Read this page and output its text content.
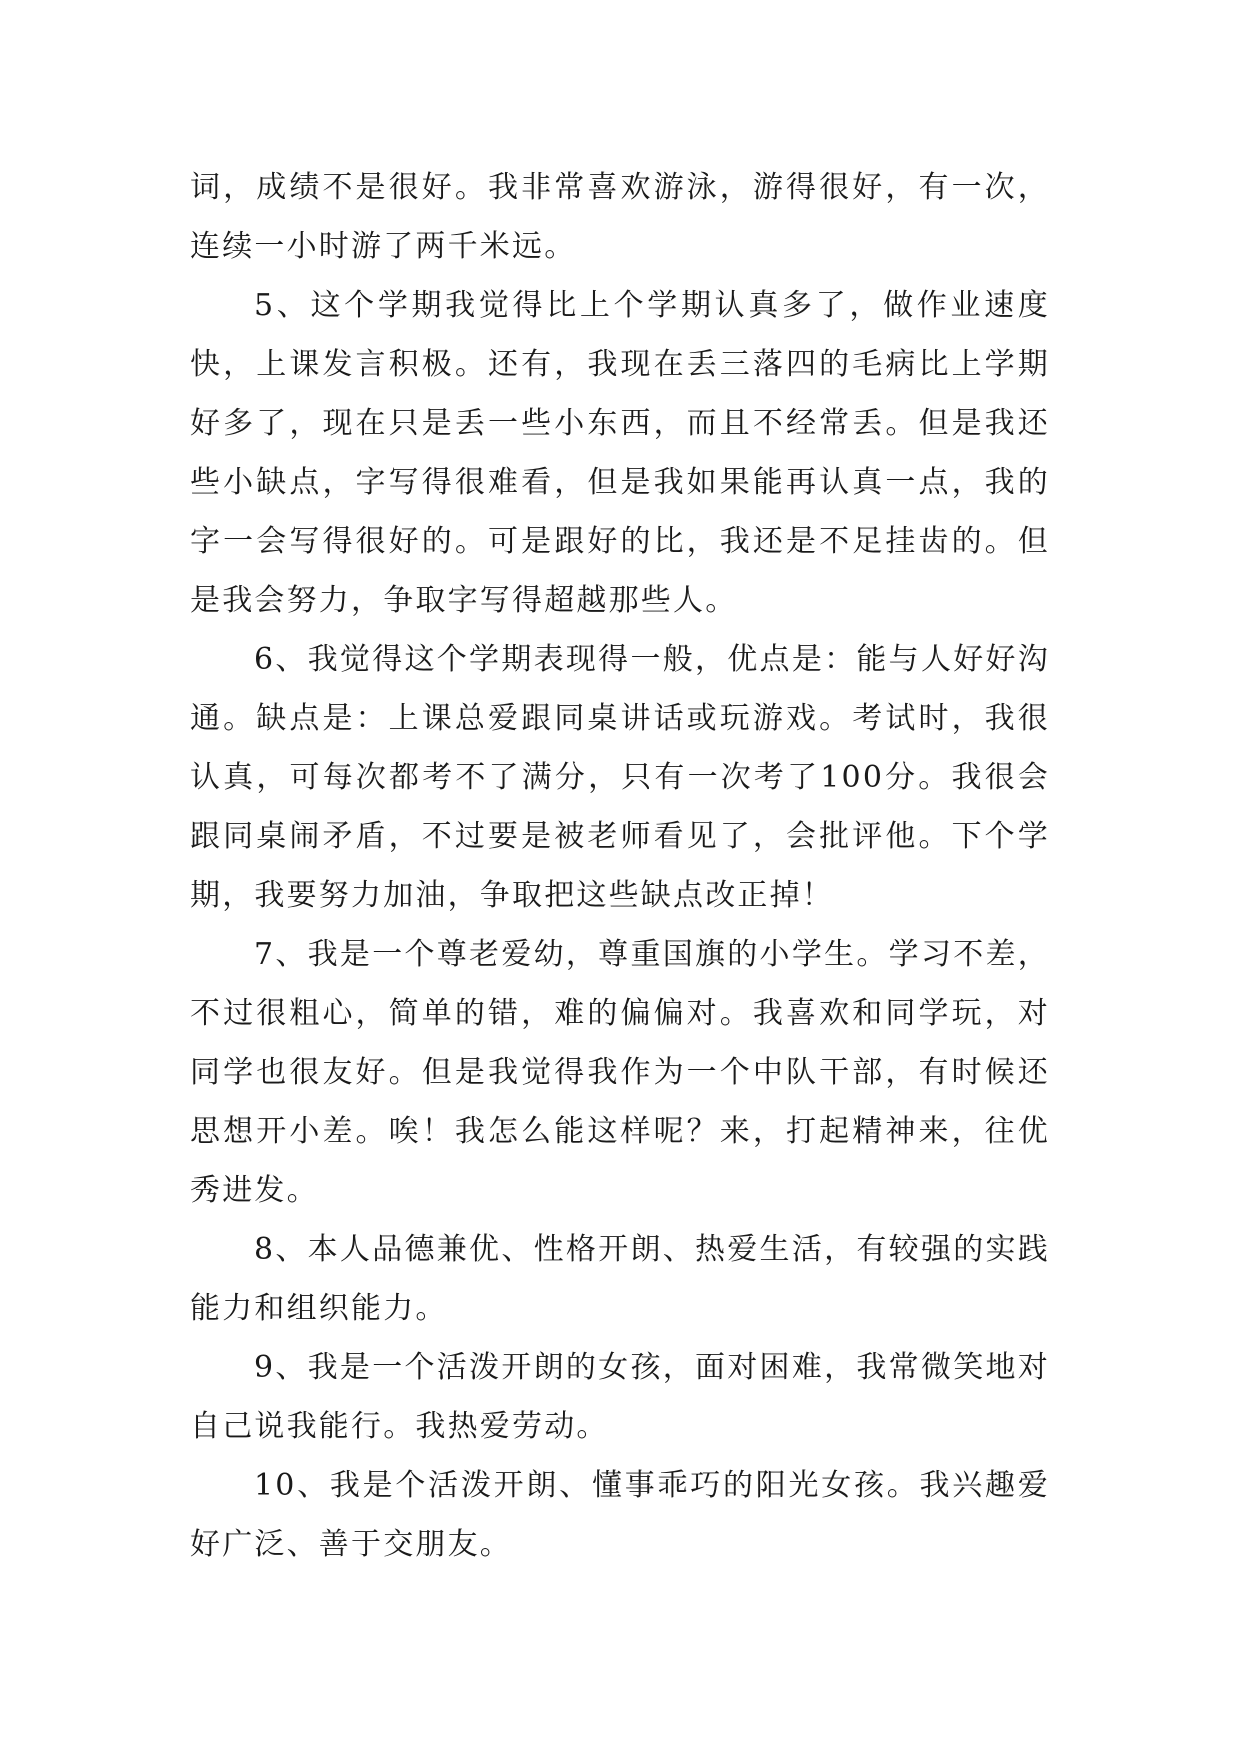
词，成绩不是很好。我非常喜欢游泳，游得很好，有一次，连续一小时游了两千米远。

5、这个学期我觉得比上个学期认真多了，做作业速度快，上课发言积极。还有，我现在丢三落四的毛病比上学期好多了，现在只是丢一些小东西，而且不经常丢。但是我还些小缺点，字写得很难看，但是我如果能再认真一点，我的字一会写得很好的。可是跟好的比，我还是不足挂齿的。但是我会努力，争取字写得超越那些人。

6、我觉得这个学期表现得一般，优点是：能与人好好沟通。缺点是：上课总爱跟同桌讲话或玩游戏。考试时，我很认真，可每次都考不了满分，只有一次考了100分。我很会跟同桌闹矛盾，不过要是被老师看见了，会批评他。下个学期，我要努力加油，争取把这些缺点改正掉！

7、我是一个尊老爱幼，尊重国旗的小学生。学习不差，不过很粗心，简单的错，难的偏偏对。我喜欢和同学玩，对同学也很友好。但是我觉得我作为一个中队干部，有时候还思想开小差。唉！我怎么能这样呢？来，打起精神来，往优秀进发。

8、本人品德兼优、性格开朗、热爱生活，有较强的实践能力和组织能力。

9、我是一个活泼开朗的女孩，面对困难，我常微笑地对自己说我能行。我热爱劳动。

10、我是个活泼开朗、懂事乖巧的阳光女孩。我兴趣爱好广泛、善于交朋友。
